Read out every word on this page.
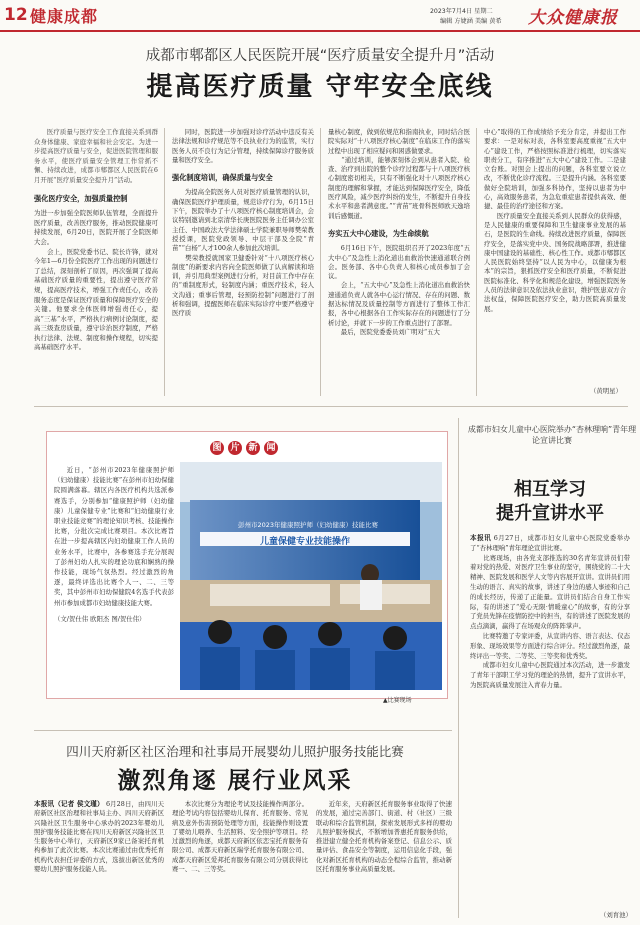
12 健康成都	2023年7月4日 星期二
编辑 方婕涵 美编 黄希 大众健康报
成都市郫都区人民医院开展“医疗质量安全提升月”活动
提高医疗质量 守牢安全底线
医疗质量与医疗安全工作直接关系到群众身体健康、家庭幸福和社会安定。为进一步提高医疗质量与安全，促进医院管理和服务水平，使医疗质量安全管理工作常抓不懈、持续改进，成都市郫都区人民医院在6月开展“医疗质量安全提升月”活动。
强化医疗安全，加强质量控制
为进一步加强全院医师队伍管理，全面提升医疗质量，改善医疗服务，推动医院健康可持续发展，6月20日，医院开展了全院医师大会。
　　会上，医院党委书记、院长许锋，就对今年1—6月份全院医疗工作出现的问题进行了总结，深刻剖析了原因，再次强调了提高基础医疗质量的重要性，提出遵守医疗常规，提高医疗技术，增强工作责任心，改善服务态度是保证医疗质量和保障医疗安全的关键。他要求全体医师增强责任心，提高“三基”水平，严格执行病例讨论制度，提高三级查房质量，遵守诊治医疗制度，严格执行法律、法规、制度和操作规程，切实提高基础医疗水平。
同时，医院进一步加强对诊疗活动中违反有关法律法规和诊疗规范等不良执业行为的监管，实行医务人员不良行为记分管理，持续保障诊疗服务质量和医疗安全。
强化制度培训，确保质量与安全
为提高全院医务人员对医疗质量管理的认识，确保医院医疗护理质量，规范诊疗行为，6月15日下午，医院举办了十八项医疗核心制度培训会，会议特别邀请到北京清华长庚医院医务主任调办公室主任、中国政法大学法律硕士学院兼职导师樊荣教授授课，医院党政领导、中层干部及全院“青苗”“白杨”人才100余人参加此次培训。
　　樊荣教授就国家卫健委针对“十八项医疗核心制度”的新要求内容向全院医师做了认真解读和培训，并引用典型案例进行分析，对目前工作中存在的“重制度形式，轻制度内涵；重医疗技术，轻人文沟通；重事后管理，轻预防控制”问题进行了剖析和强调，提醒医师在临床实际诊疗中要严格遵守医疗质
量核心制度，做到依规范和指南执业，同时结合医院实际对“十八项医疗核心制度”在临床工作的落实过程中出现了相应疑问和困惑做要求。
　　“通过培训，能够深刻体会到从患者入院、检查、治疗到出院的整个诊疗过程都与十八项医疗核心制度密切相关，只有不断强化对十八项医疗核心制度的理解和掌握，才能达到保障医疗安全，降低医疗风险，减少医疗纠纷的发生，不断提升自身技术水平和患者满意度。”“青苗”班骨科医师欧天逸培训后感慨道。
夯实五大中心建设，为生命续航
6月16日下午，医院组织召开了2023年度“五大中心”及急性上消化道出血救治快速通道联合例会。医务部、各中心负责人和核心成员参加了会议。
　　会上，“五大中心”及急性上消化道出血救治快速通道负责人就各中心运行情况、存在的问题、数据达标情况及质量控制等方面进行了整体工作汇报，各中心根据各自工作实际存在的问题进行了分析讨论，并就下一步的工作重点进行了部署。
　　最后，医院党委委员刘广明对“五大
中心”取得的工作成绩给予充分肯定，并提出工作要求：一是对标对表，各科室要高度重视“五大中心”建设工作，严格按照标准进行梳理，切实落实职责分工，有序推进“五大中心”建设工作。二是建立台账。对照会上提出的问题，各科室要立说立改，不断优化诊疗流程。三是提升内涵。各科室要做好全院培训，加强多科协作，坚持以患者为中心，高效服务患者，为急危重症患者提供高效、便捷、最佳的治疗途径和方案。
　　医疗质量安全直接关系到人民群众的获得感，是人民健康的重要保障和卫生健康事业发展的基石，是医院的生命线。持续改进医疗质量，保障医疗安全，是落实党中央、国务院战略部署，推进健康中国建设的基础性、核心性工作。成都市郫都区人民医院始终坚持“以人民为中心，以健康为根本”的宗旨，狠抓医疗安全和医疗质量，不断促进医院标准化、科学化和规范化建设，增强医院医务人员的法律意识及依法执业意识，维护医患双方合法权益，保障医院医疗安全，助力医院高质量发展。
（黄明星）
图 片 新 闻
近日，“彭州市2023年健康照护师（妇幼健康）技能比赛”在彭州市妇幼保健院圆满落幕。辖区内各医疗机构共选派参赛选手，分别参加“健康照护师（妇幼健康）儿童保健专业”比赛和“妇幼健康行业职业技能竞赛”的理论知识考核、技能操作比赛，分批次完成比赛项目。本次比赛旨在进一步提高辖区内妇幼健康工作人员的业务水平，比赛中，各参赛选手充分展现了彭州妇幼人扎实的理论功底和娴熟的操作技能，现场气氛热烈。经过激烈的角逐，最终评选出比赛个人一、二、三等奖，其中彭州市妇幼保健院4名选手代表彭州市参加成都市妇幼健康技能大赛。
（文/贺仕伟 欧阳杰 图/贺仕伟）
彭州市2023年健康照护师（妇幼健康）技能比赛
儿童保健专业技能操作
▲比赛现场
成都市妇女儿童中心医院举办“杏林理响”青年理论宣讲比赛
相互学习
提升宣讲水平
本报讯 6月27日，成都市妇女儿童中心医院党委举办了“杏林理响”青年理论宣讲比赛。
　　比赛现场，由各党支部推选的30名青年宣讲员们带着对党的热爱、对医疗卫生事业的坚守，围绕党的二十大精神、医院发展和医学人文等内容展开宣讲。宣讲员们用生动的语言、真实的故事，讲述了身边的感人事迹和自己的成长经历，传递了正能量。宣讲员们结合自身工作实际，有的讲述了“爱心无限·情暖童心”的故事，有的分享了党员先锋在疫情防控中的担当，有的讲述了医院发展的点点滴滴，赢得了在场观众的阵阵掌声。
　　比赛特邀了专家评委，从宣讲内容、语言表达、仪态形象、现场效果等方面进行综合评分。经过激烈角逐，最终评出一等奖、二等奖、三等奖和优秀奖。
　　成都市妇女儿童中心医院通过本次活动，进一步激发了青年干部职工学习党的理论的热情，提升了宣讲水平，为医院高质量发展注入青春力量。
（刘育池）
四川天府新区社区治理和社事局开展婴幼儿照护服务技能比赛
激烈角逐 展行业风采
本报讯（记者 侯文瑾） 6月28日，由四川天府新区社区治理和社事局主办、四川天府新区兴隆社区卫生服务中心承办的2023年婴幼儿照护服务技能比赛在四川天府新区兴隆社区卫生服务中心举行，天府新区9家已备案托育机构参加了此次比赛。本次比赛通过由优秀托育机构代表担任评委的方式，选拔出新区优秀的婴幼儿照护服务技能人员。
本次比赛分为理论考试及技能操作两部分。理论考试内容包括婴幼儿保育、托育服务、常见病及意外伤害预防处理等方面，技能操作则设置了婴幼儿喂养、生活照料、安全照护等项目。经过激烈的角逐，成都天府新区依恋宝托育服务有限公司、成都天府新区瑞学托育服务有限公司、成都天府新区爱邦托育服务有限公司分别获得比赛一、二、三等奖。
近年来，天府新区托育服务事业取得了快速的发展，通过完善部门、街道、村（社区）三级联动和综合监管机制，探索发展形式多样的婴幼儿照护服务模式，不断增加普惠托育服务供给，推进建立健全托育机构备案登记、信息公示、质量评估、食品安全等制度，运用信息化手段，强化对新区托育机构的动态全程综合监管，推动新区托育服务事业高质量发展。
